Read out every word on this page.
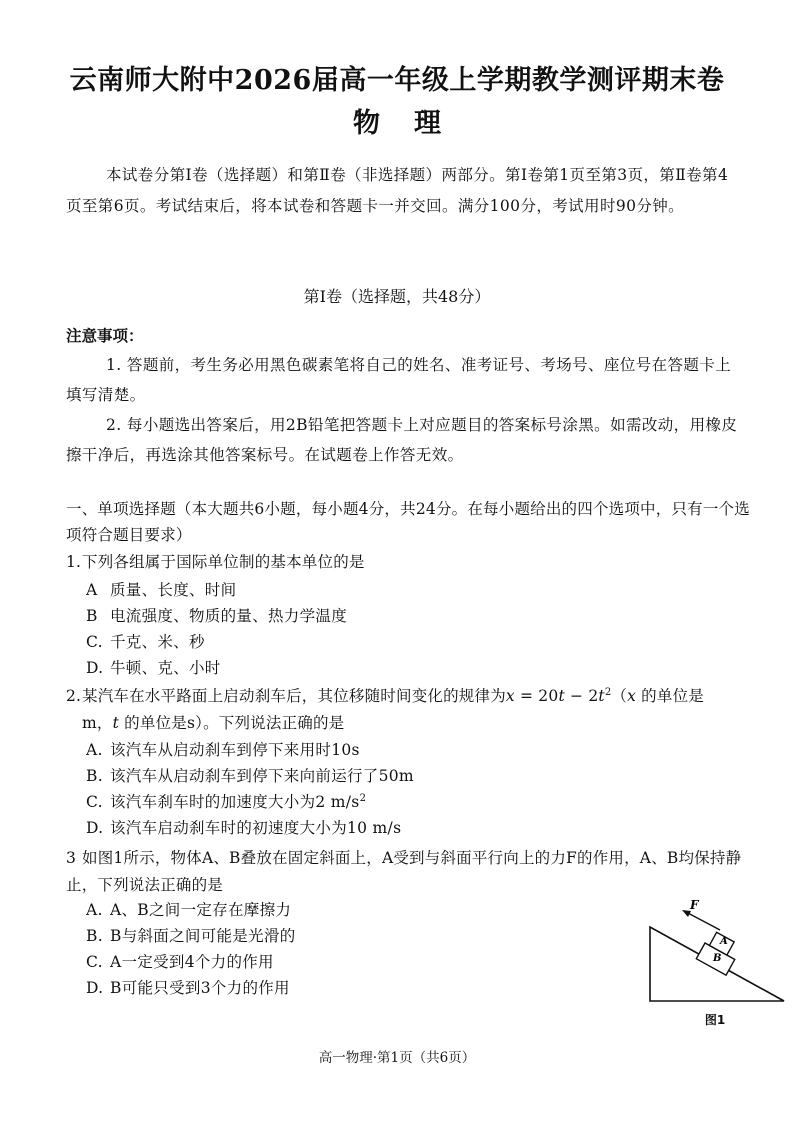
云南师大附中2026届高一年级上学期教学测评期末卷
物理
本试卷分第Ⅰ卷（选择题）和第Ⅱ卷（非选择题）两部分。第Ⅰ卷第1页至第3页，第Ⅱ卷第4页至第6页。考试结束后，将本试卷和答题卡一并交回。满分100分，考试用时90分钟。
第Ⅰ卷（选择题，共48分）
注意事项：
1. 答题前，考生务必用黑色碳素笔将自己的姓名、准考证号、考场号、座位号在答题卡上填写清楚。
2. 每小题选出答案后，用2B铅笔把答题卡上对应题目的答案标号涂黑。如需改动，用橡皮擦干净后，再选涂其他答案标号。在试题卷上作答无效。
一、单项选择题（本大题共6小题，每小题4分，共24分。在每小题给出的四个选项中，只有一个选项符合题目要求）
1.下列各组属于国际单位制的基本单位的是
A 质量、长度、时间
B 电流强度、物质的量、热力学温度
C. 千克、米、秒
D. 牛顿、克、小时
2.某汽车在水平路面上启动刹车后，其位移随时间变化的规律为$x = 20t - 2t^2(x$ 的单位是
m，t 的单位是s）。下列说法正确的是
A. 该汽车从启动刹车到停下来用时10s
B. 该汽车从启动刹车到停下来向前运行了50m
C. 该汽车刹车时的加速度大小为2 $m/s^2$
D. 该汽车启动刹车时的初速度大小为10 m/s
3 如图1所示，物体A、B叠放在固定斜面上，A受到与斜面平行向上的力F的作用，A、B均保持静止，下列说法正确的是
A. A、B之间一定存在摩擦力
B. B与斜面之间可能是光滑的
C. A一定受到4个力的作用
D. B可能只受到3个力的作用
F
A
B
图1
高一物理·第1页（共6页）
